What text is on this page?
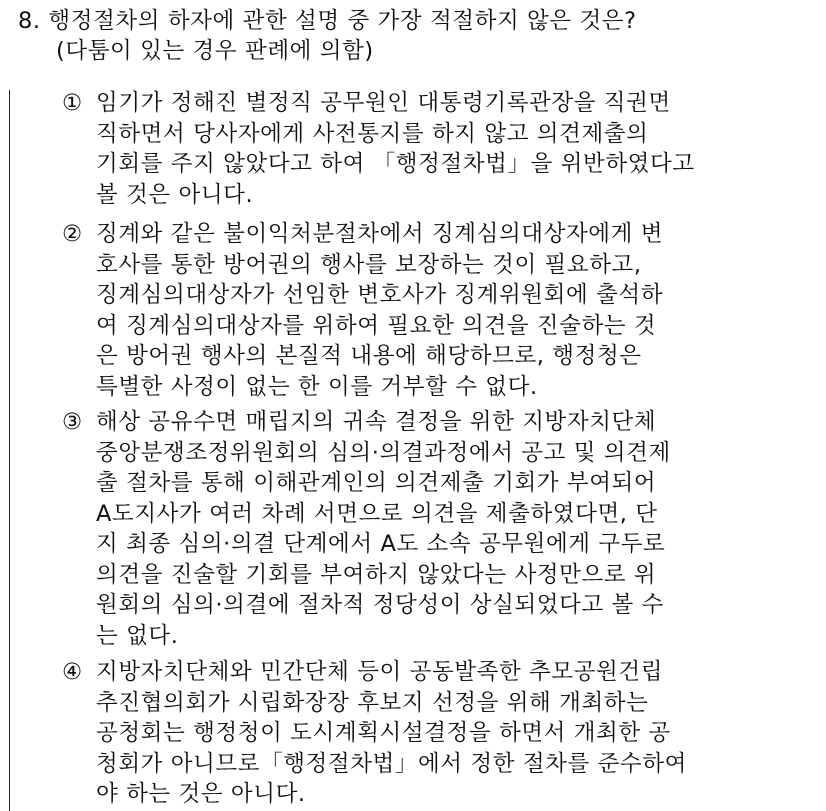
8. 행정절차의 하자에 관한 설명 중 가장 적절하지 않은 것은?
(다툼이 있는 경우 판례에 의함)
① 임기가 정해진 별정직 공무원인 대통령기록관장을 직권면
직하면서 당사자에게 사전통지를 하지 않고 의견제출의
기회를 주지 않았다고 하여 「행정절차법」을 위반하였다고
볼 것은 아니다.
② 징계와 같은 불이익처분절차에서 징계심의대상자에게 변
호사를 통한 방어권의 행사를 보장하는 것이 필요하고,
징계심의대상자가 선임한 변호사가 징계위원회에 출석하
여 징계심의대상자를 위하여 필요한 의견을 진술하는 것
은 방어권 행사의 본질적 내용에 해당하므로, 행정청은
특별한 사정이 없는 한 이를 거부할 수 없다.
③ 해상 공유수면 매립지의 귀속 결정을 위한 지방자치단체
중앙분쟁조정위원회의 심의·의결과정에서 공고 및 의견제
출 절차를 통해 이해관계인의 의견제출 기회가 부여되어
A도지사가 여러 차례 서면으로 의견을 제출하였다면, 단
지 최종 심의·의결 단계에서 A도 소속 공무원에게 구두로
의견을 진술할 기회를 부여하지 않았다는 사정만으로 위
원회의 심의·의결에 절차적 정당성이 상실되었다고 볼 수
는 없다.
④ 지방자치단체와 민간단체 등이 공동발족한 추모공원건립
추진협의회가 시립화장장 후보지 선정을 위해 개최하는
공청회는 행정청이 도시계획시설결정을 하면서 개최한 공
청회가 아니므로「행정절차법」에서 정한 절차를 준수하여
야 하는 것은 아니다.
